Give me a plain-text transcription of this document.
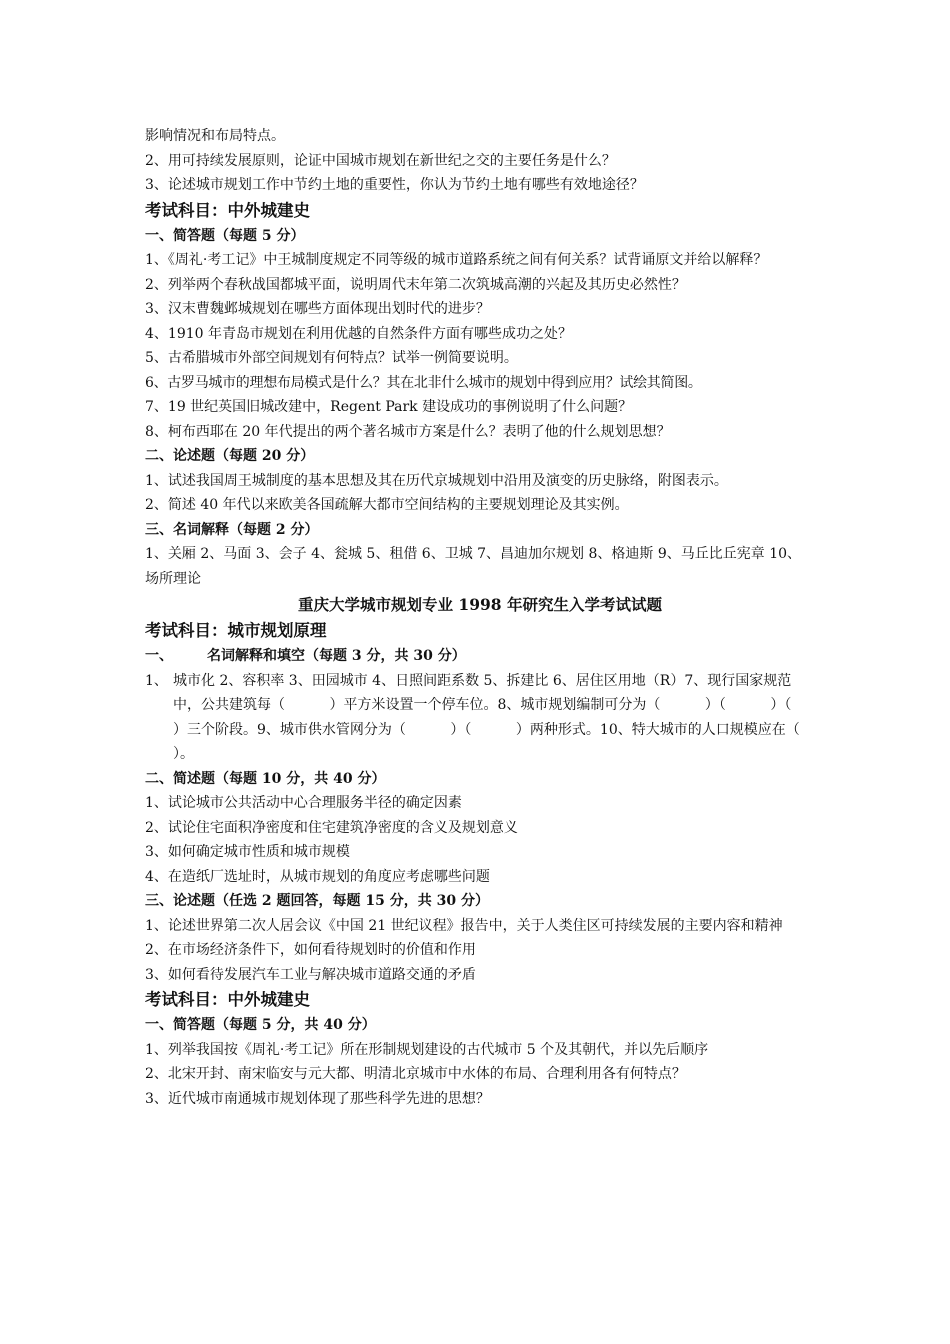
影响情况和布局特点。

2、用可持续发展原则，论证中国城市规划在新世纪之交的主要任务是什么？

3、论述城市规划工作中节约土地的重要性，你认为节约土地有哪些有效地途径？

考试科目：中外城建史

一、简答题（每题 5 分）

1、《周礼·考工记》中王城制度规定不同等级的城市道路系统之间有何关系？试背诵原文并给以解释？

2、列举两个春秋战国都城平面，说明周代末年第二次筑城高潮的兴起及其历史必然性？

3、汉末曹魏邺城规划在哪些方面体现出划时代的进步？

4、1910 年青岛市规划在利用优越的自然条件方面有哪些成功之处？

5、古希腊城市外部空间规划有何特点？试举一例简要说明。

6、古罗马城市的理想布局模式是什么？其在北非什么城市的规划中得到应用？试绘其简图。

7、19 世纪英国旧城改建中，Regent Park 建设成功的事例说明了什么问题？

8、柯布西耶在 20 年代提出的两个著名城市方案是什么？表明了他的什么规划思想？

二、论述题（每题 20 分）

1、试述我国周王城制度的基本思想及其在历代京城规划中沿用及演变的历史脉络，附图表示。

2、简述 40 年代以来欧美各国疏解大都市空间结构的主要规划理论及其实例。

三、名词解释（每题 2 分）

1、关厢 2、马面 3、会子 4、瓮城 5、租借 6、卫城 7、昌迪加尔规划 8、格迪斯 9、马丘比丘宪章 10、场所理论

重庆大学城市规划专业 1998 年研究生入学考试试题

考试科目：城市规划原理

一、 名词解释和填空（每题 3 分，共 30 分）

1、 城市化 2、容积率 3、田园城市 4、日照间距系数 5、拆建比 6、居住区用地（R）7、现行国家规范中，公共建筑每（          ）平方米设置一个停车位。8、城市规划编制可分为（          ）（          ）（          ）三个阶段。9、城市供水管网分为（          ）（          ）两种形式。10、特大城市的人口规模应在（          ）。

二、简述题（每题 10 分，共 40 分）

1、试论城市公共活动中心合理服务半径的确定因素

2、试论住宅面积净密度和住宅建筑净密度的含义及规划意义

3、如何确定城市性质和城市规模

4、在造纸厂选址时，从城市规划的角度应考虑哪些问题

三、论述题（任选 2 题回答，每题 15 分，共 30 分）

1、论述世界第二次人居会议《中国 21 世纪议程》报告中，关于人类住区可持续发展的主要内容和精神

2、在市场经济条件下，如何看待规划时的价值和作用

3、如何看待发展汽车工业与解决城市道路交通的矛盾

考试科目：中外城建史

一、简答题（每题 5 分，共 40 分）

1、列举我国按《周礼·考工记》所在形制规划建设的古代城市 5 个及其朝代，并以先后顺序

2、北宋开封、南宋临安与元大都、明清北京城市中水体的布局、合理利用各有何特点？

3、近代城市南通城市规划体现了那些科学先进的思想？
